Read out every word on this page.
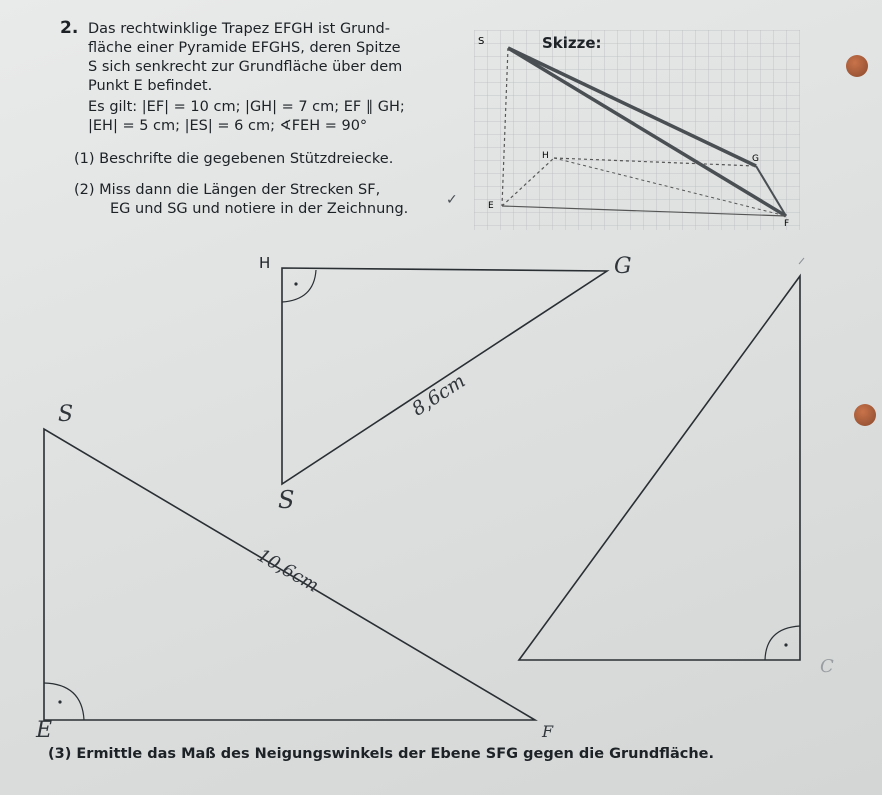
2. Das rechtwinklige Trapez EFGH ist Grund-
fläche einer Pyramide EFGHS, deren Spitze
S sich senkrecht zur Grundfläche über dem
Punkt E befindet.
Es gilt: |EF| = 10 cm; |GH| = 7 cm; EF ∥ GH;
|EH| = 5 cm; |ES| = 6 cm; ∢FEH = 90°
(1) Beschrifte die gegebenen Stützdreiecke.
(2) Miss dann die Längen der Strecken SF,
EG und SG und notiere in der Zeichnung.
S
H	G
E
F
Skizze:
H	G
S
8,6cm
S
E	F
10,6cm
C
✓
(3) Ermittle das Maß des Neigungswinkels der Ebene SFG gegen die Grundfläche.
